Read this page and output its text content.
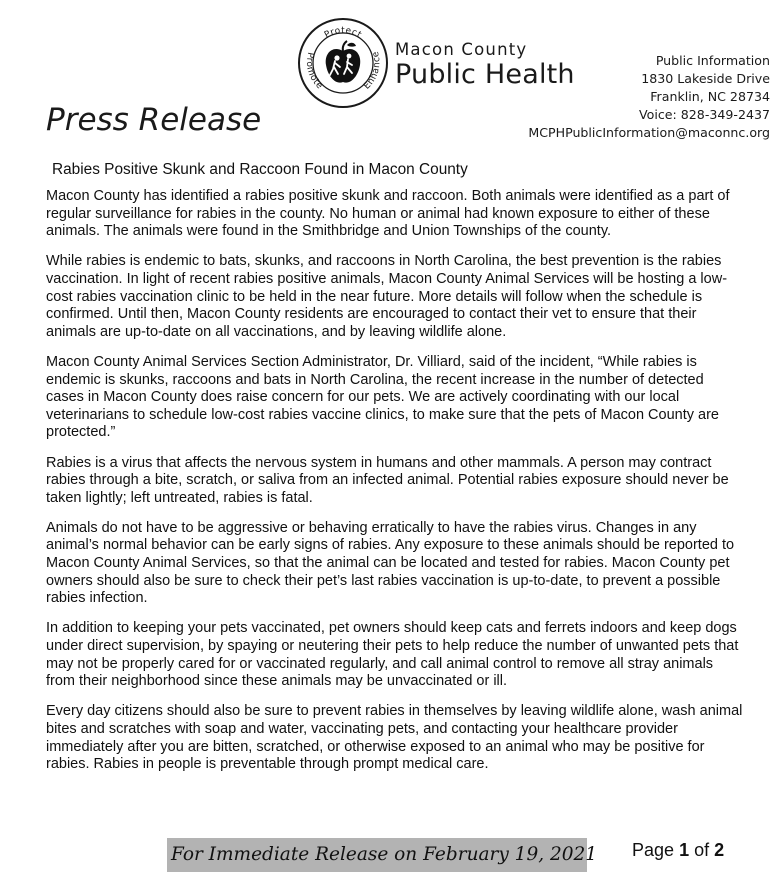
Protect
Promote	Enhance Macon County
Public Health	Public Information
1830 Lakeside Drive
Franklin, NC 28734
Voice: 828-349-2437
MCPHPublicInformation@maconnc.org
Press Release
Rabies Positive Skunk and Raccoon Found in Macon County

Macon County has identified a rabies positive skunk and raccoon. Both animals were identified as a part of regular surveillance for rabies in the county. No human or animal had known exposure to either of these animals. The animals were found in the Smithbridge and Union Townships of the county.

While rabies is endemic to bats, skunks, and raccoons in North Carolina, the best prevention is the rabies vaccination. In light of recent rabies positive animals, Macon County Animal Services will be hosting a low-cost rabies vaccination clinic to be held in the near future. More details will follow when the schedule is confirmed. Until then, Macon County residents are encouraged to contact their vet to ensure that their animals are up-to-date on all vaccinations, and by leaving wildlife alone.

Macon County Animal Services Section Administrator, Dr. Villiard, said of the incident, “While rabies is endemic is skunks, raccoons and bats in North Carolina, the recent increase in the number of detected cases in Macon County does raise concern for our pets. We are actively coordinating with our local veterinarians to schedule low-cost rabies vaccine clinics, to make sure that the pets of Macon County are protected.”

Rabies is a virus that affects the nervous system in humans and other mammals. A person may contract rabies through a bite, scratch, or saliva from an infected animal. Potential rabies exposure should never be taken lightly; left untreated, rabies is fatal.

Animals do not have to be aggressive or behaving erratically to have the rabies virus. Changes in any animal’s normal behavior can be early signs of rabies. Any exposure to these animals should be reported to Macon County Animal Services, so that the animal can be located and tested for rabies. Macon County pet owners should also be sure to check their pet’s last rabies vaccination is up-to-date, to prevent a possible rabies infection.

In addition to keeping your pets vaccinated, pet owners should keep cats and ferrets indoors and keep dogs under direct supervision, by spaying or neutering their pets to help reduce the number of unwanted pets that may not be properly cared for or vaccinated regularly, and call animal control to remove all stray animals from their neighborhood since these animals may be unvaccinated or ill.

Every day citizens should also be sure to prevent rabies in themselves by leaving wildlife alone, wash animal bites and scratches with soap and water, vaccinating pets, and contacting your healthcare provider immediately after you are bitten, scratched, or otherwise exposed to an animal who may be positive for rabies. Rabies in people is preventable through prompt medical care.

For Immediate Release on February 19, 2021 Page 1 of 2
